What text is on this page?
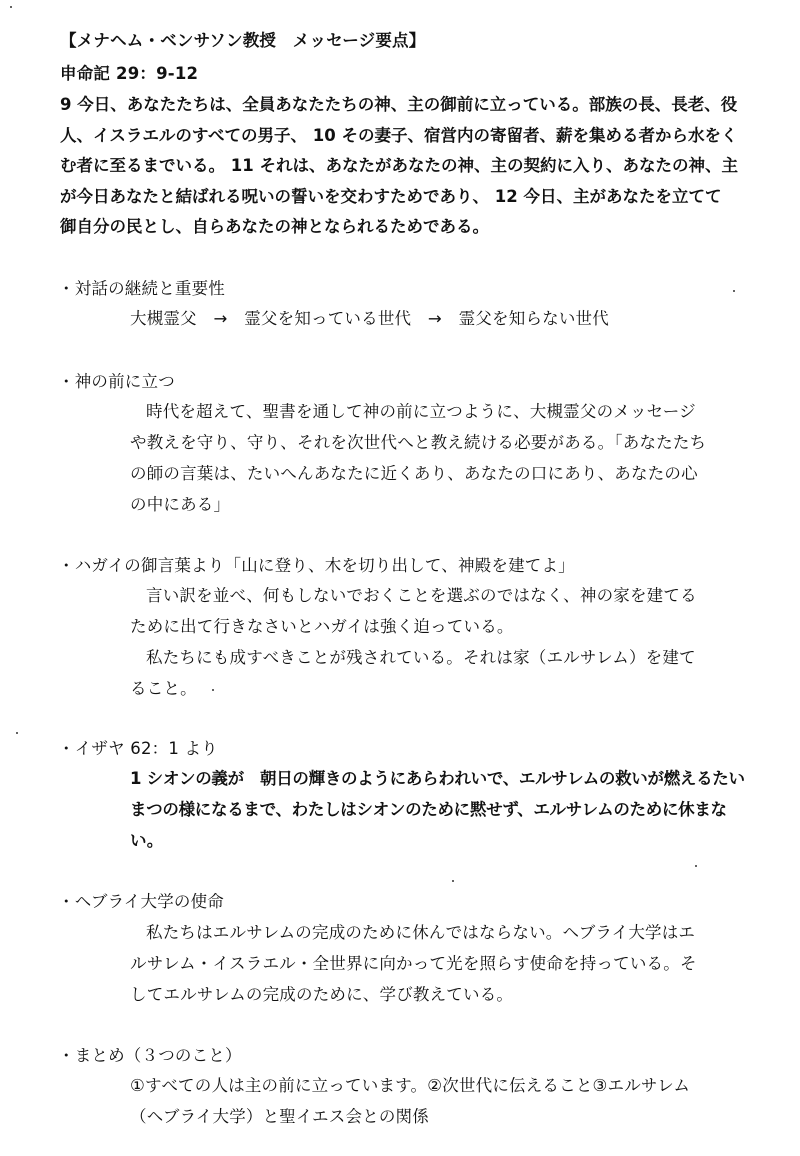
【メナヘム・ベンサソン教授　メッセージ要点】
申命記 29：9-12
9 今日、あなたたちは、全員あなたたちの神、主の御前に立っている。部族の長、長老、役
人、イスラエルのすべての男子、 10 その妻子、宿営内の寄留者、薪を集める者から水をく
む者に至るまでいる。 11 それは、あなたがあなたの神、主の契約に入り、あなたの神、主
が今日あなたと結ばれる呪いの誓いを交わすためであり、 12 今日、主があなたを立てて
御自分の民とし、自らあなたの神となられるためである。
・対話の継続と重要性
大槻霊父　→　霊父を知っている世代　→　霊父を知らない世代
・神の前に立つ
時代を超えて、聖書を通して神の前に立つように、大槻霊父のメッセージ
や教えを守り、守り、それを次世代へと教え続ける必要がある。「あなたたち
の師の言葉は、たいへんあなたに近くあり、あなたの口にあり、あなたの心
の中にある」
・ハガイの御言葉より「山に登り、木を切り出して、神殿を建てよ」
言い訳を並べ、何もしないでおくことを選ぶのではなく、神の家を建てる
ために出て行きなさいとハガイは強く迫っている。
私たちにも成すべきことが残されている。それは家（エルサレム）を建て
ること。
・イザヤ 62：1 より
1 シオンの義が　朝日の輝きのようにあらわれいで、エルサレムの救いが燃えるたい
まつの様になるまで、わたしはシオンのために黙せず、エルサレムのために休まな
い。
・ヘブライ大学の使命
私たちはエルサレムの完成のために休んではならない。ヘブライ大学はエ
ルサレム・イスラエル・全世界に向かって光を照らす使命を持っている。そ
してエルサレムの完成のために、学び教えている。
・まとめ（３つのこと）
①すべての人は主の前に立っています。②次世代に伝えること③エルサレム
（ヘブライ大学）と聖イエス会との関係
